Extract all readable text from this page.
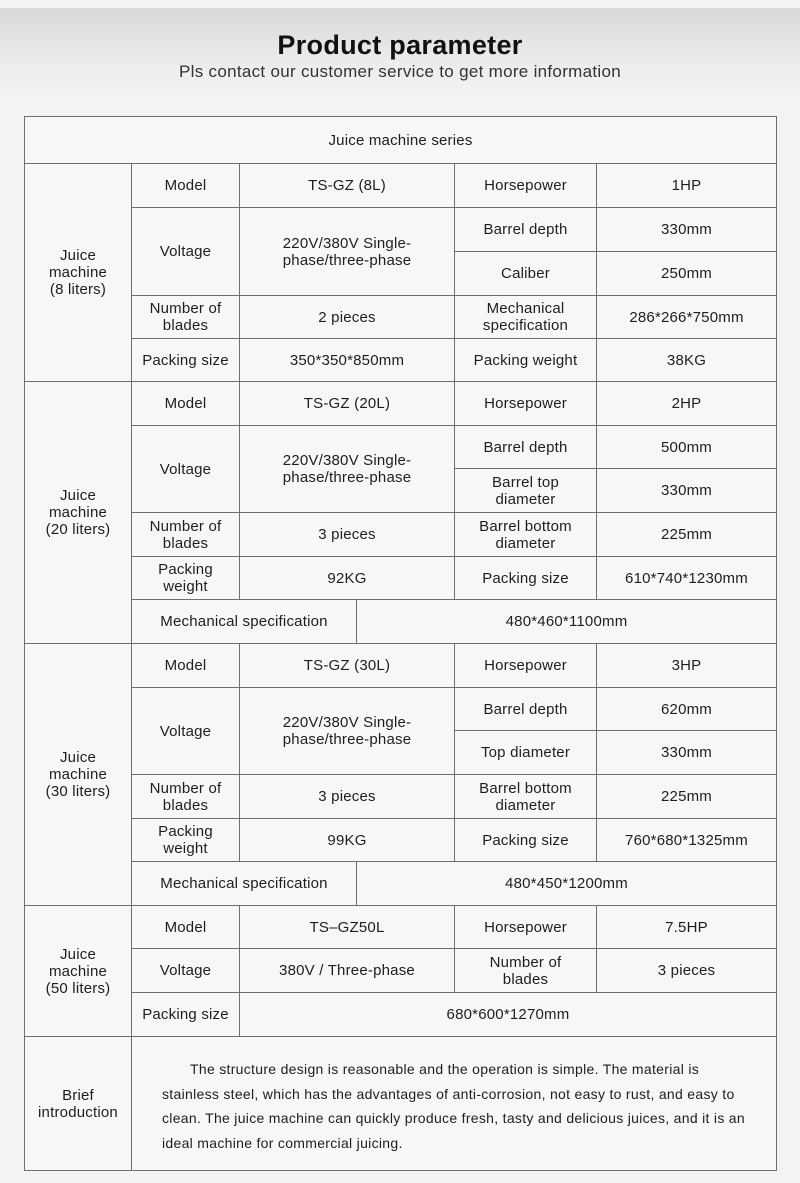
Product parameter
Pls contact our customer service to get more information
Juice machine series
Juice machine (8 liters)
Model	TS-GZ (8L)	Horsepower	1HP
Voltage	220V/380V Single-phase/three-phase
Barrel depth	330mm
Caliber	250mm
Number of blades	2 pieces	Mechanical specification	286*266*750mm
Packing size	350*350*850mm	Packing weight	38KG
Juice machine (20 liters)
Model	TS-GZ (20L)	Horsepower	2HP
Voltage	220V/380V Single-phase/three-phase
Barrel depth	500mm
Barrel top diameter	330mm
Number of blades	3 pieces	Barrel bottom diameter	225mm
Packing weight	92KG	Packing size	610*740*1230mm
Mechanical specification	480*460*1100mm
Juice machine (30 liters)
Model	TS-GZ (30L)	Horsepower	3HP
Voltage	220V/380V Single-phase/three-phase
Barrel depth	620mm
Top diameter	330mm
Number of blades	3 pieces	Barrel bottom diameter	225mm
Packing weight	99KG	Packing size	760*680*1325mm
Mechanical specification	480*450*1200mm
Juice machine (50 liters)
Model	TS–GZ50L	Horsepower	7.5HP
Voltage	380V / Three-phase	Number of blades	3 pieces
Packing size	680*600*1270mm
Brief introduction
The structure design is reasonable and the operation is simple. The material is stainless steel, which has the advantages of anti-corrosion, not easy to rust, and easy to clean. The juice machine can quickly produce fresh, tasty and delicious juices, and it is an ideal machine for commercial juicing.
